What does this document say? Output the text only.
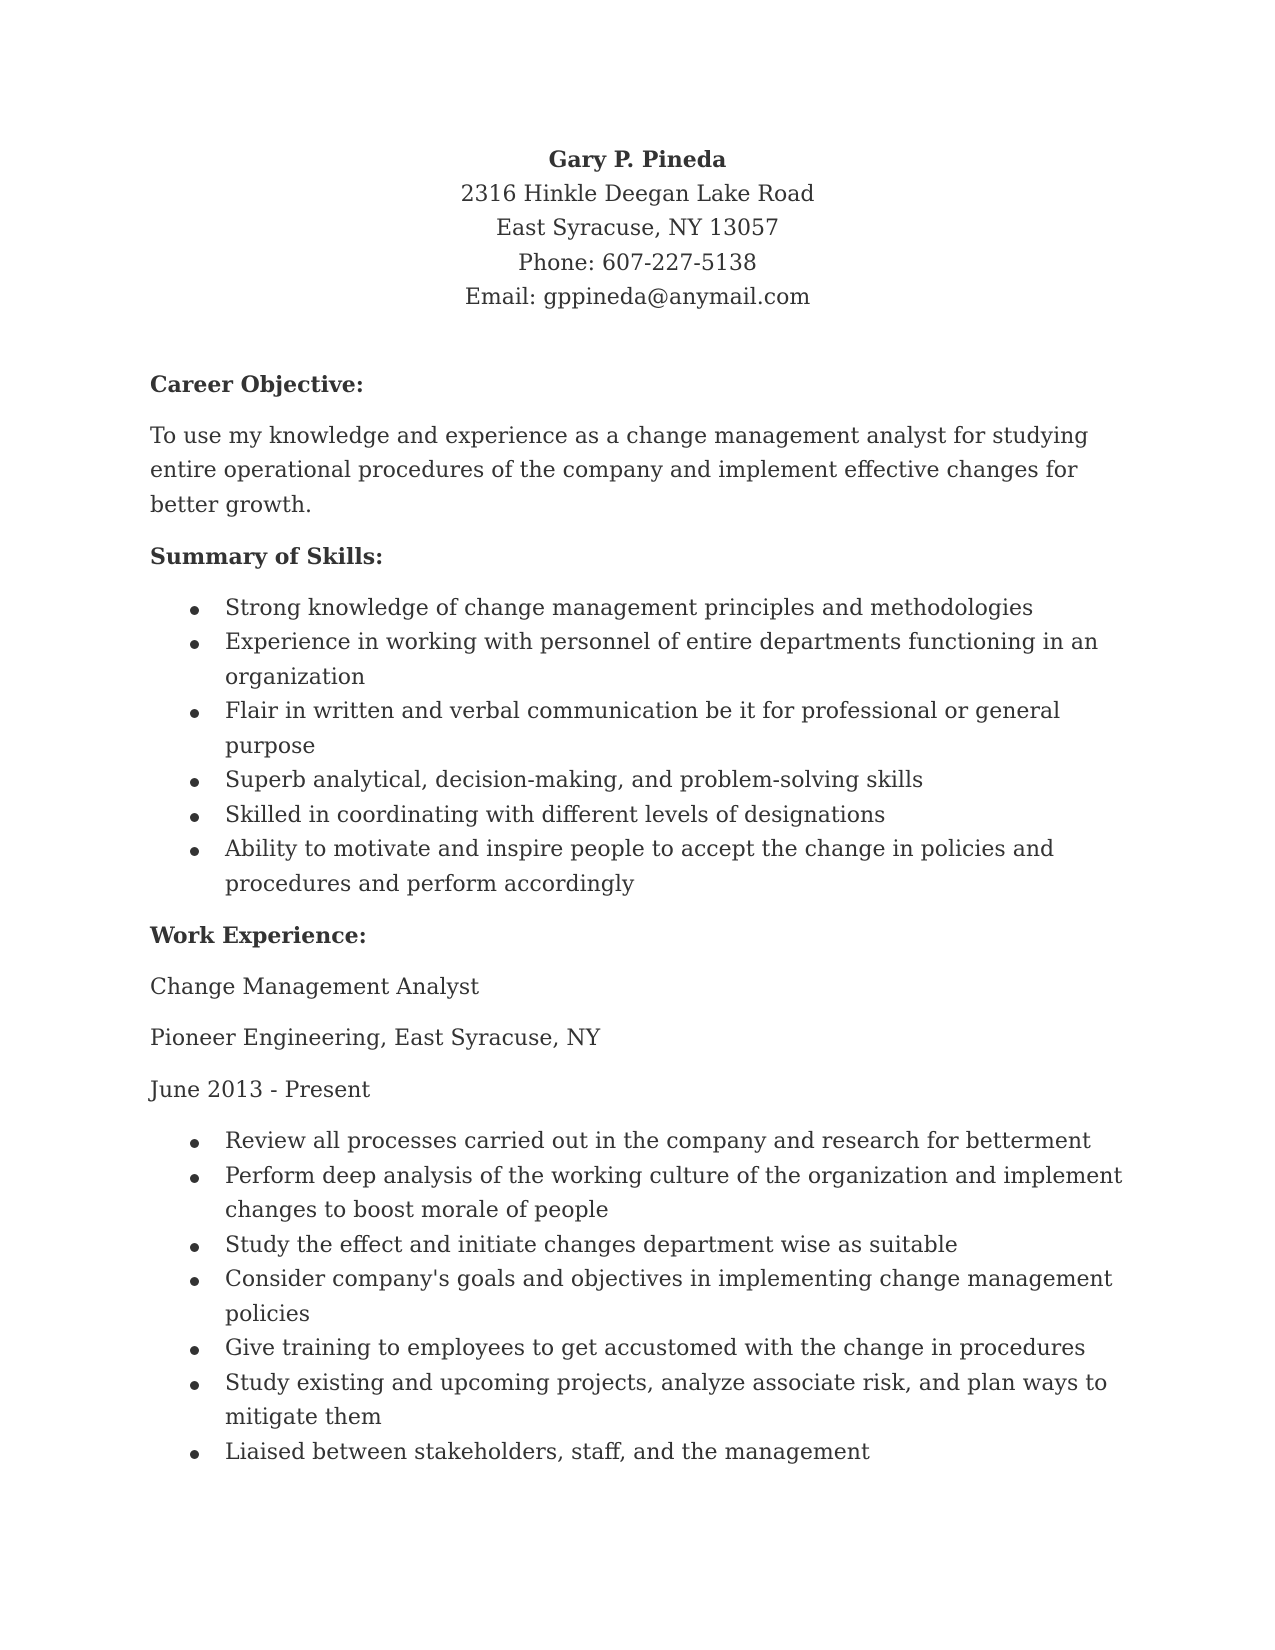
Gary P. Pineda
2316 Hinkle Deegan Lake Road
East Syracuse, NY 13057
Phone: 607-227-5138
Email: gppineda@anymail.com
Career Objective:
To use my knowledge and experience as a change management analyst for studying entire operational procedures of the company and implement effective changes for better growth.
Summary of Skills:
Strong knowledge of change management principles and methodologies
Experience in working with personnel of entire departments functioning in an organization
Flair in written and verbal communication be it for professional or general purpose
Superb analytical, decision-making, and problem-solving skills
Skilled in coordinating with different levels of designations
Ability to motivate and inspire people to accept the change in policies and procedures and perform accordingly
Work Experience:
Change Management Analyst
Pioneer Engineering, East Syracuse, NY
June 2013 - Present
Review all processes carried out in the company and research for betterment
Perform deep analysis of the working culture of the organization and implement changes to boost morale of people
Study the effect and initiate changes department wise as suitable
Consider company's goals and objectives in implementing change management policies
Give training to employees to get accustomed with the change in procedures
Study existing and upcoming projects, analyze associate risk, and plan ways to mitigate them
Liaised between stakeholders, staff, and the management
